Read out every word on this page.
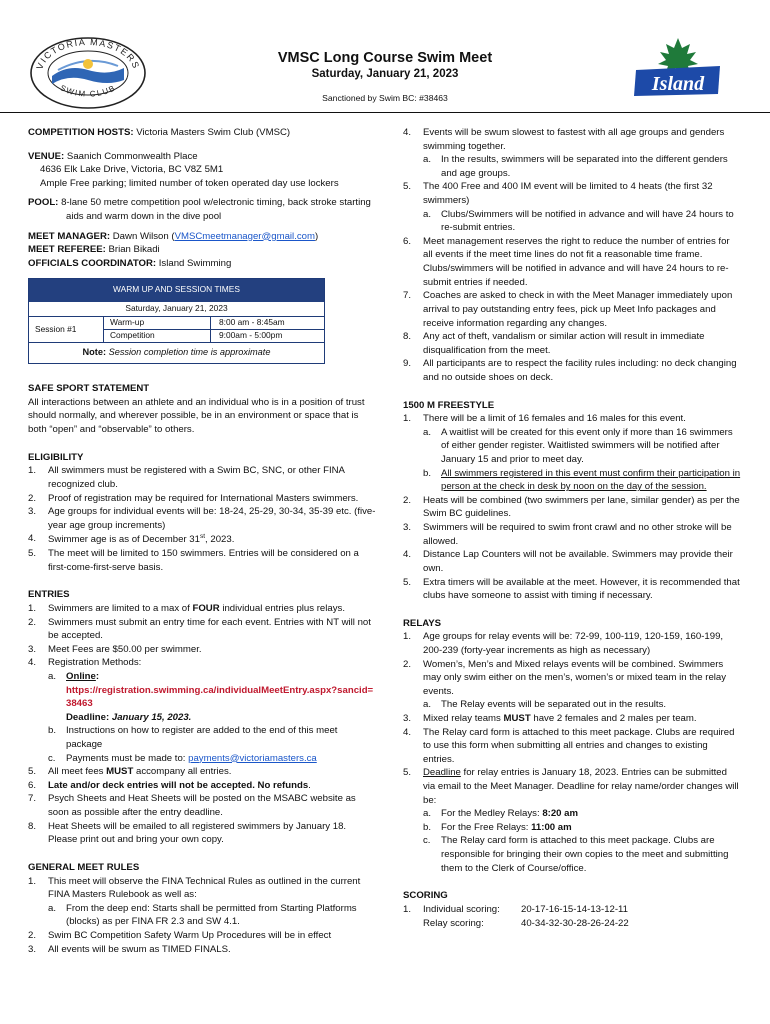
VICTORIA MASTERS
SWIM CLUB
VMSC Long Course Swim Meet
Saturday, January 21, 2023
Sanctioned by Swim BC: #38463
Island

COMPETITION HOSTS: Victoria Masters Swim Club (VMSC)

VENUE: Saanich Commonwealth Place

4636 Elk Lake Drive, Victoria, BC V8Z 5M1

Ample Free parking; limited number of token operated day use lockers

POOL: 8-lane 50 metre competition pool w/electronic timing, back stroke starting aids and warm down in the dive pool

MEET MANAGER: Dawn Wilson (VMSCmeetmanager@gmail.com)

MEET REFEREE: Brian Bikadi

OFFICIALS COORDINATOR: Island Swimming

WARM UP AND SESSION TIMES
Saturday, January 21, 2023
Session #1
Warm-up	8:00 am - 8:45am
Competition	9:00am - 5:00pm
Note: Session completion time is approximate

SAFE SPORT STATEMENT

All interactions between an athlete and an individual who is in a position of trust should normally, and wherever possible, be in an environment or space that is both “open” and “observable” to others.

ELIGIBILITY

1. All swimmers must be registered with a Swim BC, SNC, or other FINA recognized club.
2. Proof of registration may be required for International Masters swimmers.
3. Age groups for individual events will be: 18-24, 25-29, 30-34, 35-39 etc. (five-year age group increments)
4. Swimmer age is as of December 31st, 2023.
5. The meet will be limited to 150 swimmers. Entries will be considered on a first-come-first-serve basis.

ENTRIES

1. Swimmers are limited to a max of FOUR individual entries plus relays.
2. Swimmers must submit an entry time for each event. Entries with NT will not be accepted.
3. Meet Fees are $50.00 per swimmer.
4. Registration Methods:
a. Online:
https://registration.swimming.ca/individualMeetEntry.aspx?sancid=38463
Deadline: January 15, 2023.
b. Instructions on how to register are added to the end of this meet package
c. Payments must be made to: payments@victoriamasters.ca
5. All meet fees MUST accompany all entries.
6. Late and/or deck entries will not be accepted. No refunds.
7. Psych Sheets and Heat Sheets will be posted on the MSABC website as soon as possible after the entry deadline.
8. Heat Sheets will be emailed to all registered swimmers by January 18. Please print out and bring your own copy.

GENERAL MEET RULES

1. This meet will observe the FINA Technical Rules as outlined in the current FINA Masters Rulebook as well as:
a. From the deep end: Starts shall be permitted from Starting Platforms (blocks) as per FINA FR 2.3 and SW 4.1.
2. Swim BC Competition Safety Warm Up Procedures will be in effect
3. All events will be swum as TIMED FINALS.
4. Events will be swum slowest to fastest with all age groups and genders swimming together.
a. In the results, swimmers will be separated into the different genders and age groups.
5. The 400 Free and 400 IM event will be limited to 4 heats (the first 32 swimmers)
a. Clubs/Swimmers will be notified in advance and will have 24 hours to re-submit entries.
6. Meet management reserves the right to reduce the number of entries for all events if the meet time lines do not fit a reasonable time frame. Clubs/swimmers will be notified in advance and will have 24 hours to re-submit entries if needed.
7. Coaches are asked to check in with the Meet Manager immediately upon arrival to pay outstanding entry fees, pick up Meet Info packages and receive information regarding any changes.
8. Any act of theft, vandalism or similar action will result in immediate disqualification from the meet.
9. All participants are to respect the facility rules including: no deck changing and no outside shoes on deck.

1500 M FREESTYLE

1. There will be a limit of 16 females and 16 males for this event.
a. A waitlist will be created for this event only if more than 16 swimmers of either gender register. Waitlisted swimmers will be notified after January 15 and prior to meet day.
b. All swimmers registered in this event must confirm their participation in person at the check in desk by noon on the day of the session.
2. Heats will be combined (two swimmers per lane, similar gender) as per the Swim BC guidelines.
3. Swimmers will be required to swim front crawl and no other stroke will be allowed.
4. Distance Lap Counters will not be available. Swimmers may provide their own.
5. Extra timers will be available at the meet. However, it is recommended that clubs have someone to assist with timing if necessary.

RELAYS

1. Age groups for relay events will be: 72-99, 100-119, 120-159, 160-199, 200-239 (forty-year increments as high as necessary)
2. Women’s, Men’s and Mixed relays events will be combined. Swimmers may only swim either on the men’s, women’s or mixed team in the relay events.
a. The Relay events will be separated out in the results.
3. Mixed relay teams MUST have 2 females and 2 males per team.
4. The Relay card form is attached to this meet package. Clubs are required to use this form when submitting all entries and changes to existing entries.
5. Deadline for relay entries is January 18, 2023. Entries can be submitted via email to the Meet Manager. Deadline for relay name/order changes will be:
a. For the Medley Relays: 8:20 am
b. For the Free Relays: 11:00 am
c. The Relay card form is attached to this meet package. Clubs are responsible for bringing their own copies to the meet and submitting them to the Clerk of Course/office.

SCORING

1. Individual scoring:	20-17-16-15-14-13-12-11
Relay scoring:	40-34-32-30-28-26-24-22
